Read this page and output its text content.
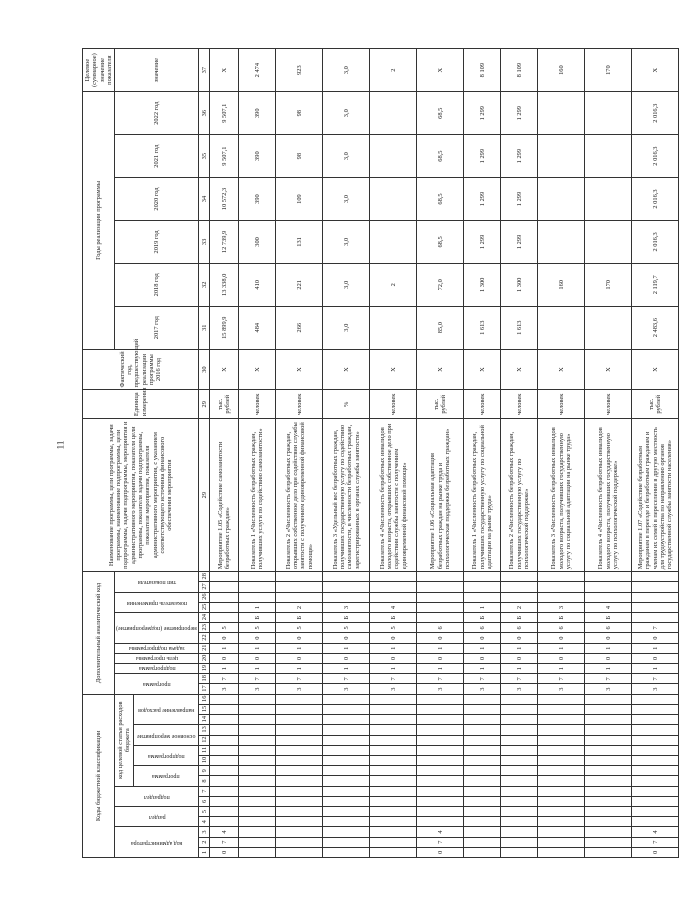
11
Коды бюджетной классификации																Дополнительный аналитический код												Наименование программы, цели программы, задачи программы, наименование подпрограммы, цели подпрограммы, задачи подпрограммы, мероприятия и административного мероприятия, показателя цели программы, показателя задачи подпрограммы, показателя мероприятия, показателя административного мероприятия, с указанием соответствующего источника финансового обеспечения мероприятия	Единица измерения	Фактический год, предшествующий реализации программы 2016 год	Годы реализации программы						Целевое (суммарное) значение показателя

код администратора			раздел		подраздел		код целевой статьи расходов бюджета									программа		подпрограмма	цель программы	задача подпрограммы	мероприятие (подмероприятие)			показатель применения		тип показателя					2017 год	2018 год	2019 год	2020 год	2021 год	2022 год	значение

							программа		подпрограмма		основное мероприятие		направление расходов																								

1	2	3	4	5	6	7	8	9	10	11	12	13	14	15	16	17	18	19	20	21	22	23	24	25	26	27	28	29	29	30	31	32	33	34	35	36	37
0	7	4														3	7	1	0	1	0	5						Мероприятие 1.05 «Содействие самозанятости безработных граждан»	тыс. рублей	Х	15 899,9	13 338,0	12 739,9	10 572,3	9 507,1	9 507,1	Х
																3	7	1	0	1	0	5	Б	1				Показатель 1 «Численность безработных граждан, получивших услуги по содействию самозанятости»	человек	Х	484	410	300	390	390	390	2 474
																3	7	1	0	1	0	5	Б	2				Показатель 2 «Численность безработных граждан, открывших собственное дело при содействии службы занятости с получением единовременной финансовой помощи»	человек	Х	266	221	131	109	98	98	923
																3	7	1	0	1	0	5	Б	3				Показатель 3 «Удельный вес безработных граждан, получивших государственную услугу по содействию самозанятости, в численности безработных граждан, зарегистрированных в органах службы занятости»	%	Х	3,0	3,0	3,0	3,0	3,0	3,0	3,0
																3	7	1	0	1	0	5	Б	4				Показатель 4 «Численность безработных инвалидов молодого возраста, открывших собственное дело при содействии службы занятости с получением единовременной финансовой помощи»	человек	Х		2					2
0	7	4														3	7	1	0	1	0	6						Мероприятие 1.06 «Социальная адаптация безработных граждан на рынке труда и психологическая поддержка безработных граждан»	тыс. рублей	Х	85,0	72,0	68,5	68,5	68,5	68,5	Х
																3	7	1	0	1	0	6	Б	1				Показатель 1 «Численность безработных граждан, получивших государственную услугу по социальной адаптации на рынке труда»	человек	Х	1 613	1 300	1 299	1 299	1 299	1 299	8 109
																3	7	1	0	1	0	6	Б	2				Показатель 2 «Численность безработных граждан, получивших государственную услугу по психологической поддержке»	человек	Х	1 613	1 300	1 299	1 299	1 299	1 299	8 109
																3	7	1	0	1	0	6	Б	3				Показатель 3 «Численность безработных инвалидов молодого возраста, получивших государственную услугу по социальной адаптации на рынке труда»	человек	Х		160					160
																3	7	1	0	1	0	6	Б	4				Показатель 4 «Численность безработных инвалидов молодого возраста, получивших государственную услугу по психологической поддержке»	человек	Х		170					170
0	7	4														3	7	1	0	1	0	7						Мероприятие 1.07 «Содействие безработным гражданам в переезде и безработным гражданам и членам их семей в переселении в другую местность для трудоустройства по направлению органов государственной службы занятости населения»	тыс. рублей	Х	2 483,6	2 119,7	2 016,3	2 016,3	2 016,3	2 016,3	Х
